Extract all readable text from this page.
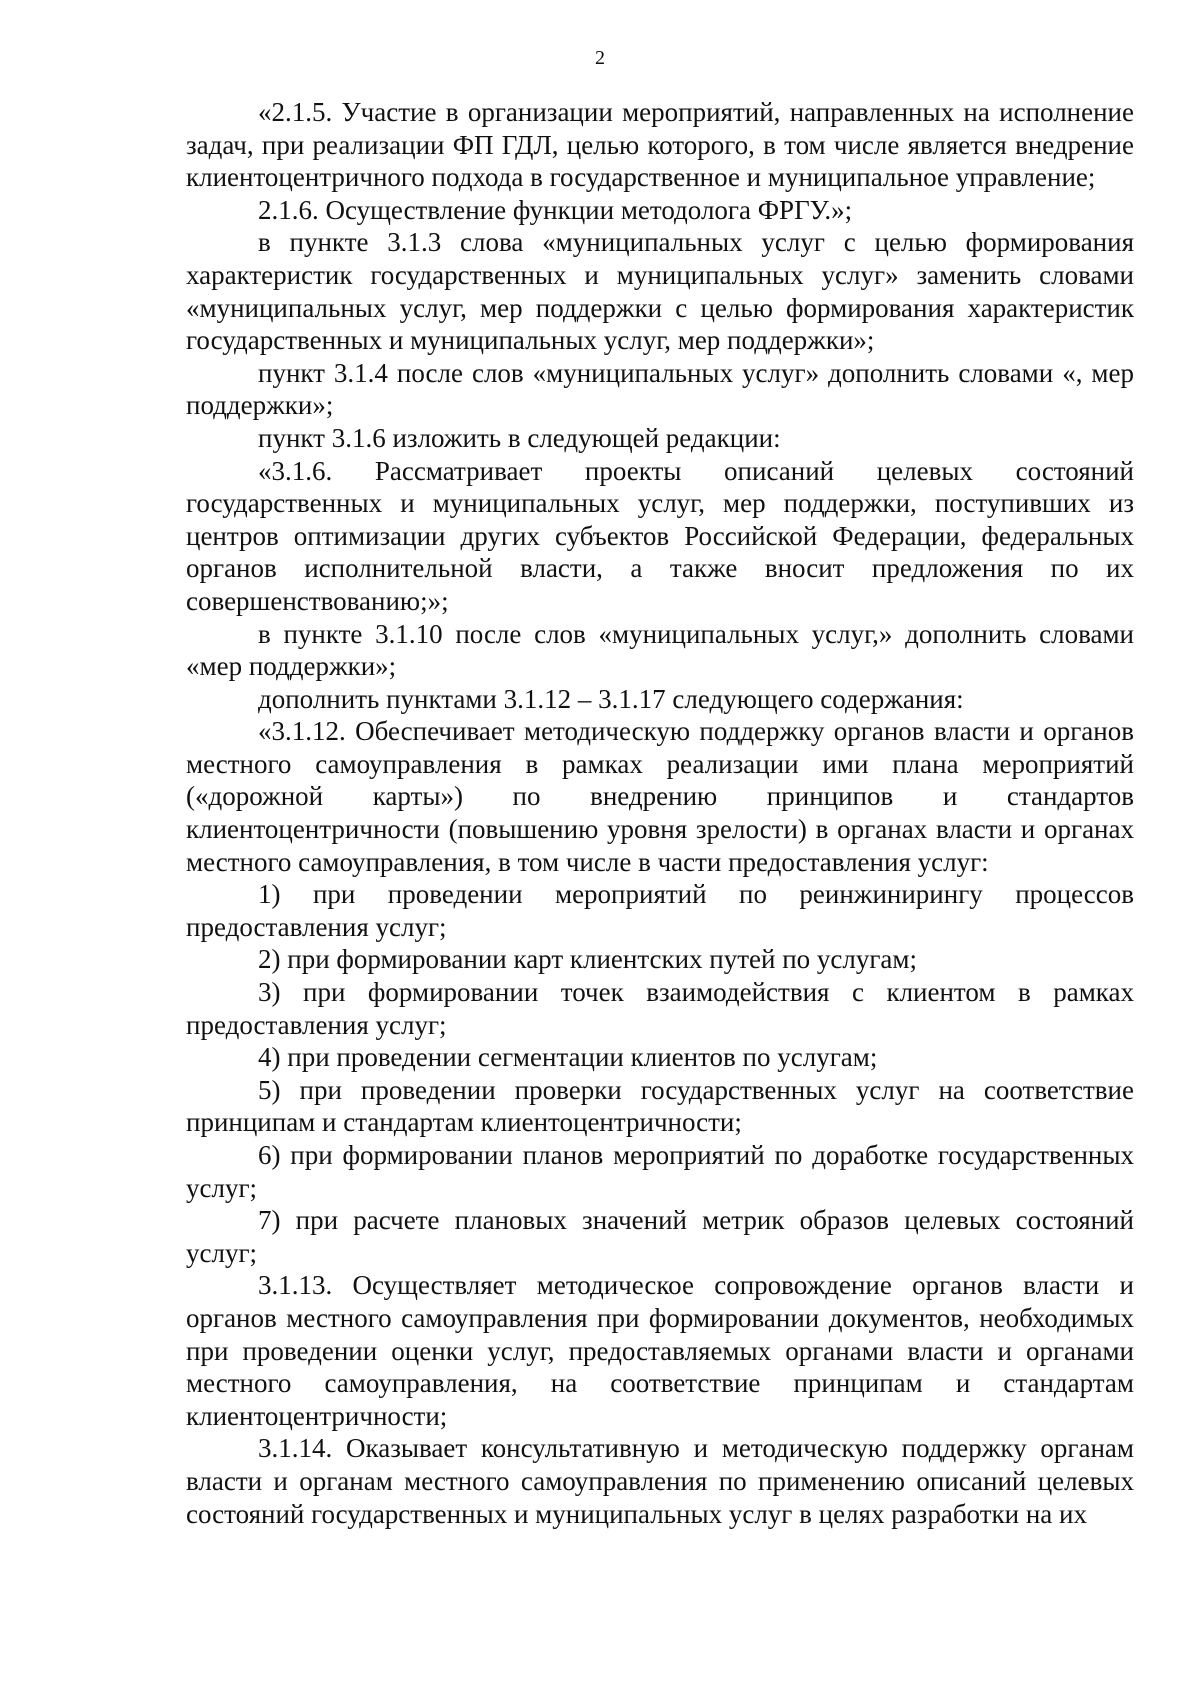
2

«2.1.5. Участие в организации мероприятий, направленных на исполнение задач, при реализации ФП ГДЛ, целью которого, в том числе является внедрение клиентоцентричного подхода в государственное и муниципальное управление;

2.1.6. Осуществление функции методолога ФРГУ.»;

в пункте 3.1.3 слова «муниципальных услуг с целью формирования характеристик государственных и муниципальных услуг» заменить словами «муниципальных услуг, мер поддержки с целью формирования характеристик государственных и муниципальных услуг, мер поддержки»;

пункт 3.1.4 после слов «муниципальных услуг» дополнить словами «, мер поддержки»;

пункт 3.1.6 изложить в следующей редакции:

«3.1.6. Рассматривает проекты описаний целевых состояний государственных и муниципальных услуг, мер поддержки, поступивших из центров оптимизации других субъектов Российской Федерации, федеральных органов исполнительной власти, а также вносит предложения по их совершенствованию;»;

в пункте 3.1.10 после слов «муниципальных услуг,» дополнить словами «мер поддержки»;

дополнить пунктами 3.1.12 – 3.1.17 следующего содержания:

«3.1.12. Обеспечивает методическую поддержку органов власти и органов местного самоуправления в рамках реализации ими плана мероприятий («дорожной карты») по внедрению принципов и стандартов клиентоцентричности (повышению уровня зрелости) в органах власти и органах местного самоуправления, в том числе в части предоставления услуг:

1) при проведении мероприятий по реинжинирингу процессов предоставления услуг;

2) при формировании карт клиентских путей по услугам;

3) при формировании точек взаимодействия с клиентом в рамках предоставления услуг;

4) при проведении сегментации клиентов по услугам;

5) при проведении проверки государственных услуг на соответствие принципам и стандартам клиентоцентричности;

6) при формировании планов мероприятий по доработке государственных услуг;

7) при расчете плановых значений метрик образов целевых состояний услуг;

3.1.13. Осуществляет методическое сопровождение органов власти и органов местного самоуправления при формировании документов, необходимых при проведении оценки услуг, предоставляемых органами власти и органами местного самоуправления, на соответствие принципам и стандартам клиентоцентричности;

3.1.14. Оказывает консультативную и методическую поддержку органам власти и органам местного самоуправления по применению описаний целевых состояний государственных и муниципальных услуг в целях разработки на их
